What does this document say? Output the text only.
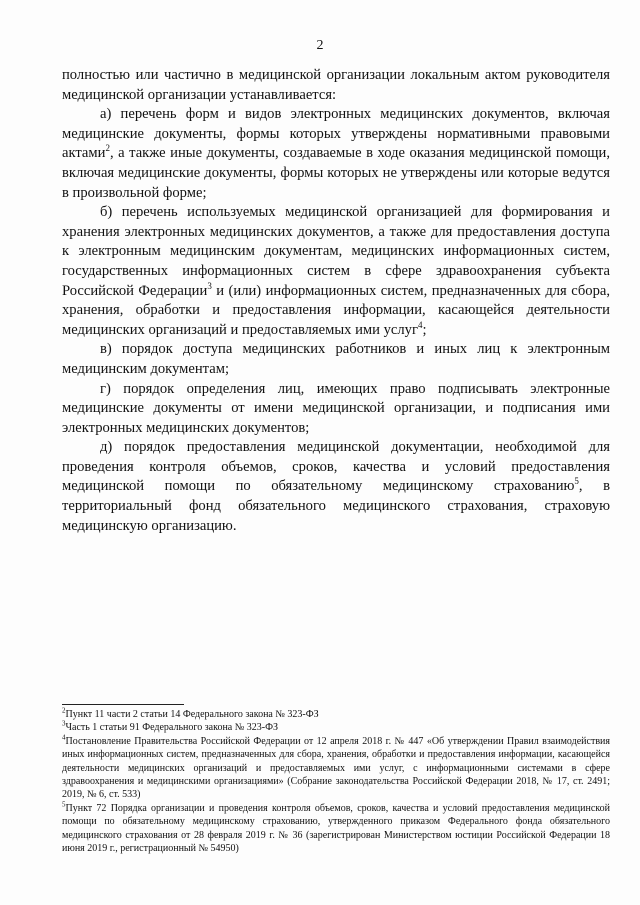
2

полностью или частично в медицинской организации локальным актом руководителя медицинской организации устанавливается:

а) перечень форм и видов электронных медицинских документов, включая медицинские документы, формы которых утверждены нормативными правовыми актами$^2$, а также иные документы, создаваемые в ходе оказания медицинской помощи, включая медицинские документы, формы которых не утверждены или которые ведутся в произвольной форме;

б) перечень используемых медицинской организацией для формирования и хранения электронных медицинских документов, а также для предоставления доступа к электронным медицинским документам, медицинских информационных систем, государственных информационных систем в сфере здравоохранения субъекта Российской Федерации$^3$ и (или) информационных систем, предназначенных для сбора, хранения, обработки и предоставления информации, касающейся деятельности медицинских организаций и предоставляемых ими услуг$^4$;

в) порядок доступа медицинских работников и иных лиц к электронным медицинским документам;

г) порядок определения лиц, имеющих право подписывать электронные медицинские документы от имени медицинской организации, и подписания ими электронных медицинских документов;

д) порядок предоставления медицинской документации, необходимой для проведения контроля объемов, сроков, качества и условий предоставления медицинской помощи по обязательному медицинскому страхованию$^5$, в территориальный фонд обязательного медицинского страхования, страховую медицинскую организацию.

$^2$Пункт 11 части 2 статьи 14 Федерального закона № 323-ФЗ

$^3$Часть 1 статьи 91 Федерального закона № 323-ФЗ

$^4$Постановление Правительства Российской Федерации от 12 апреля 2018 г. № 447 «Об утверждении Правил взаимодействия иных информационных систем, предназначенных для сбора, хранения, обработки и предоставления информации, касающейся деятельности медицинских организаций и предоставляемых ими услуг, с информационными системами в сфере здравоохранения и медицинскими организациями» (Собрание законодательства Российской Федерации 2018, № 17, ст. 2491; 2019, № 6, ст. 533)

$^5$Пункт 72 Порядка организации и проведения контроля объемов, сроков, качества и условий предоставления медицинской помощи по обязательному медицинскому страхованию, утвержденного приказом Федерального фонда обязательного медицинского страхования от 28 февраля 2019 г. № 36 (зарегистрирован Министерством юстиции Российской Федерации 18 июня 2019 г., регистрационный № 54950)
